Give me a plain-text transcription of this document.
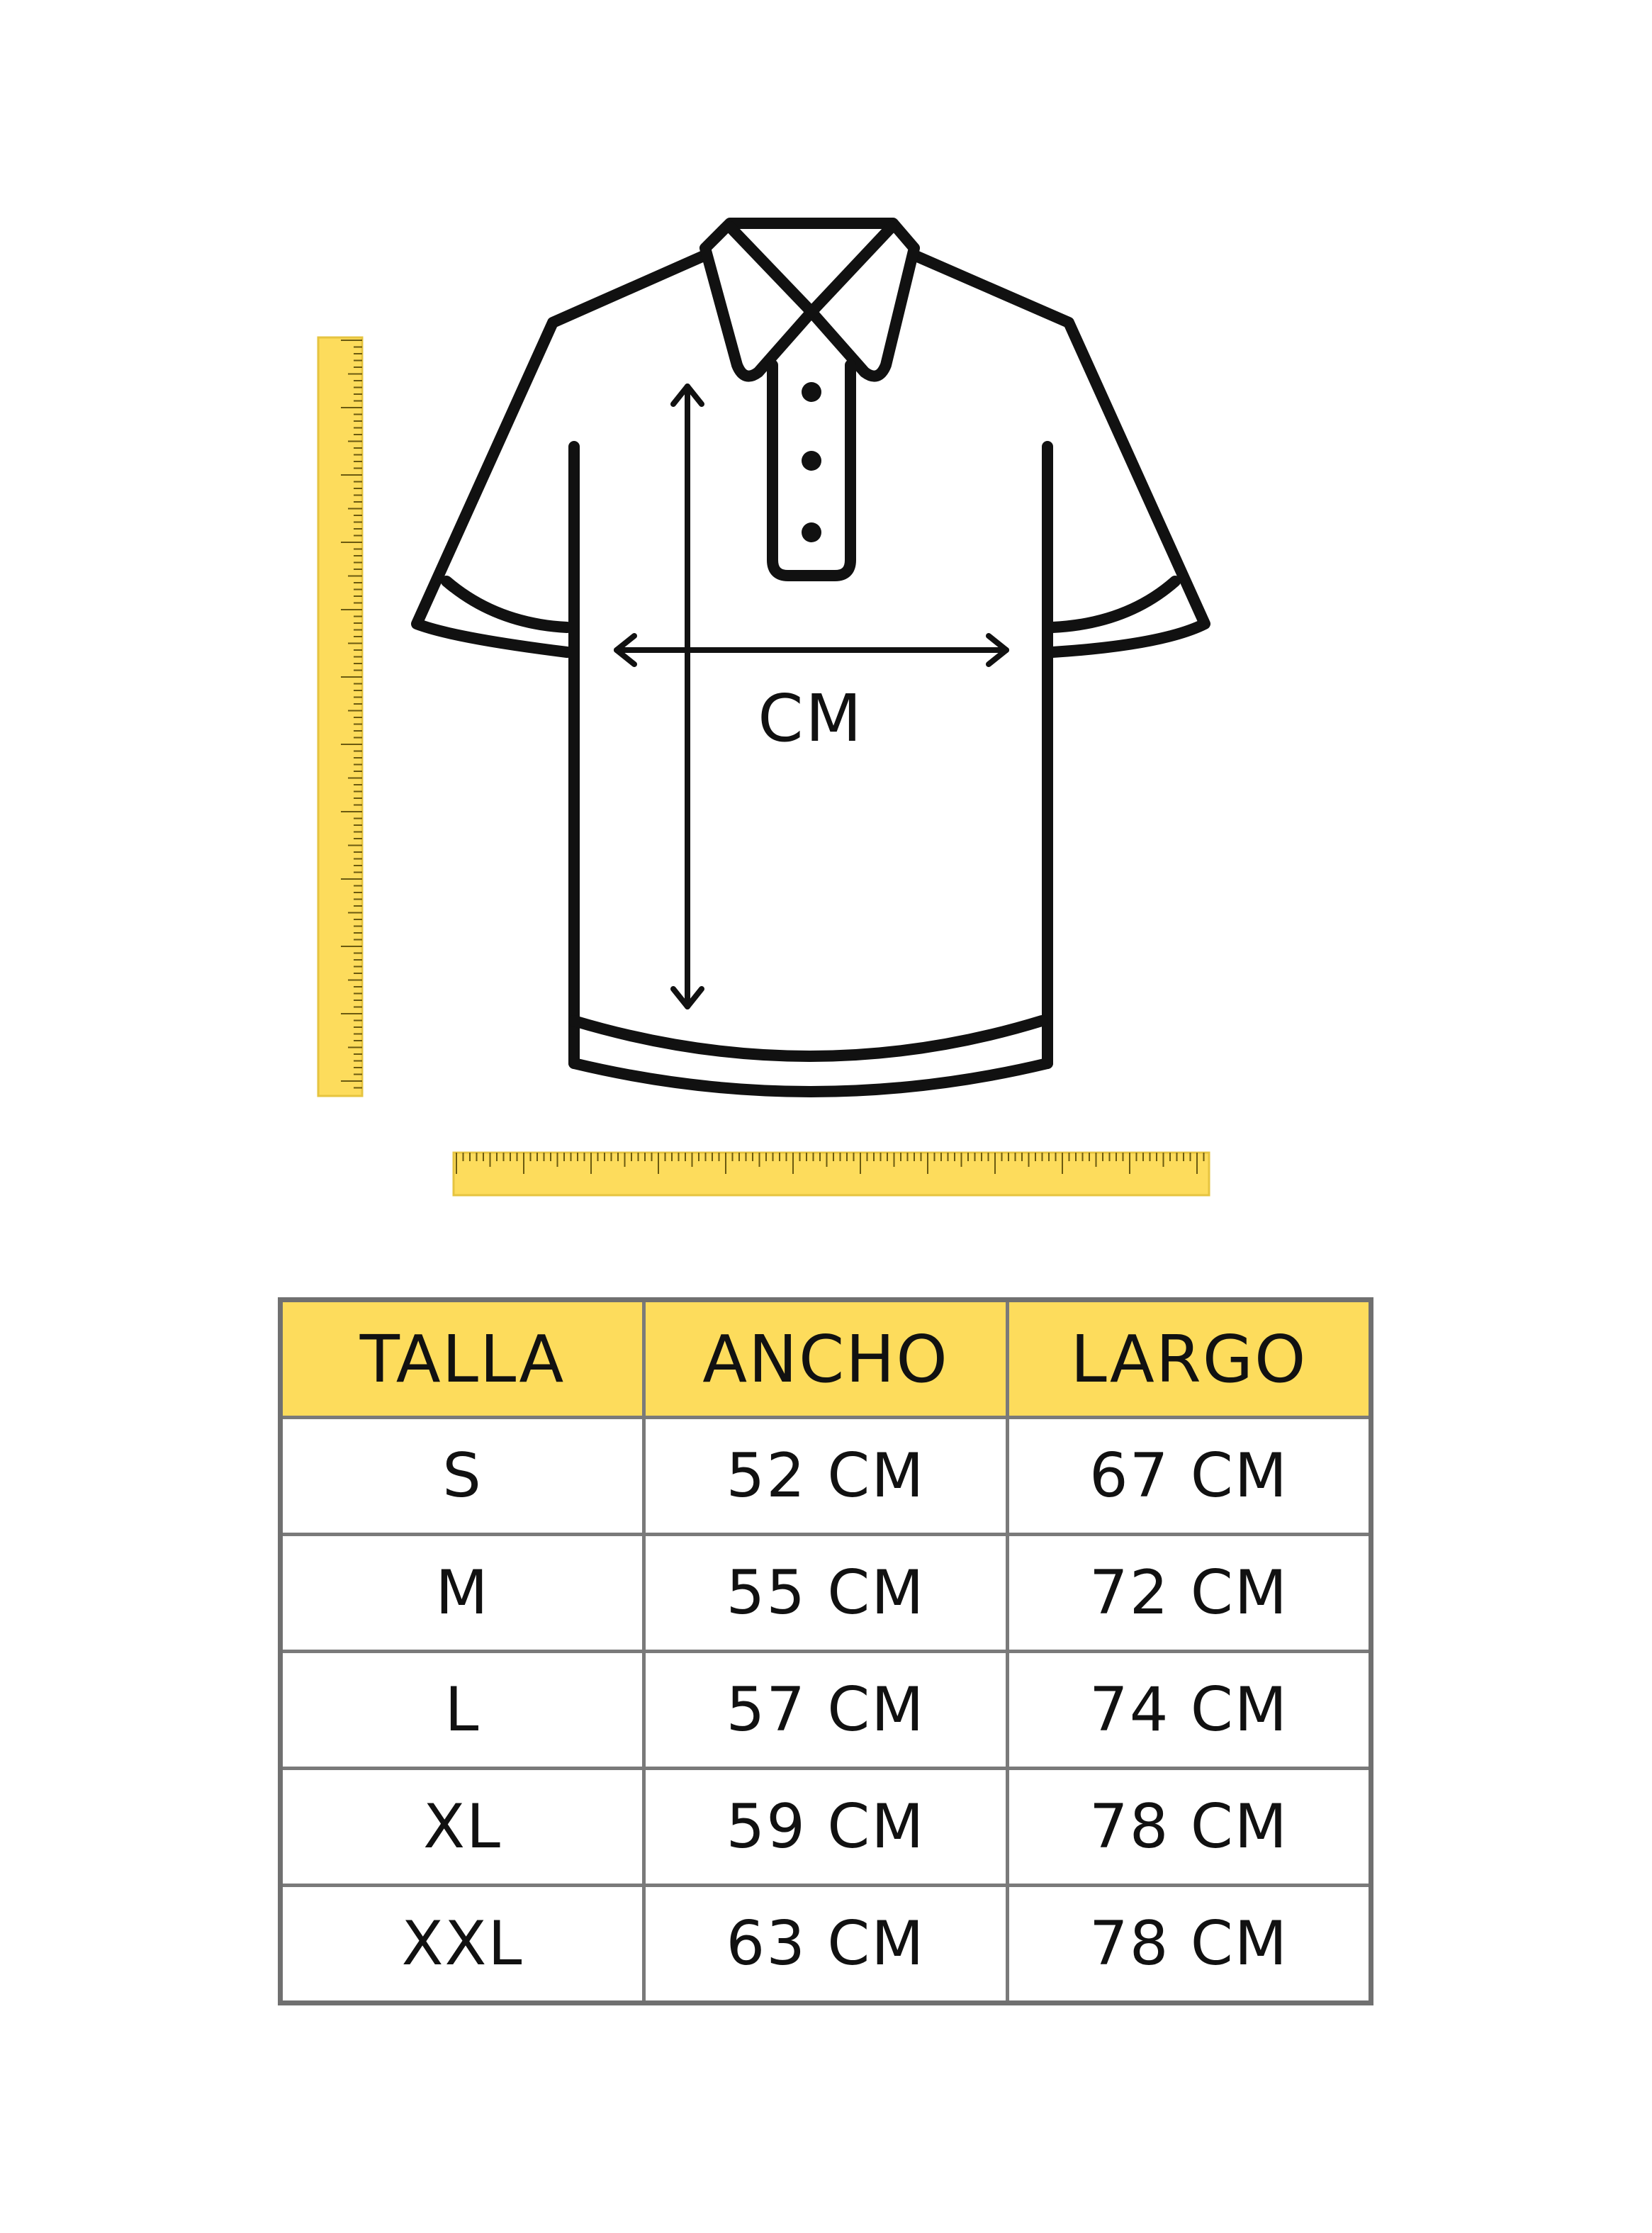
CM
TALLA	ANCHO	LARGO
S	52 CM	67 CM
M	55 CM	72 CM
L	57 CM	74 CM
XL	59 CM	78 CM
XXL	63 CM	78 CM
